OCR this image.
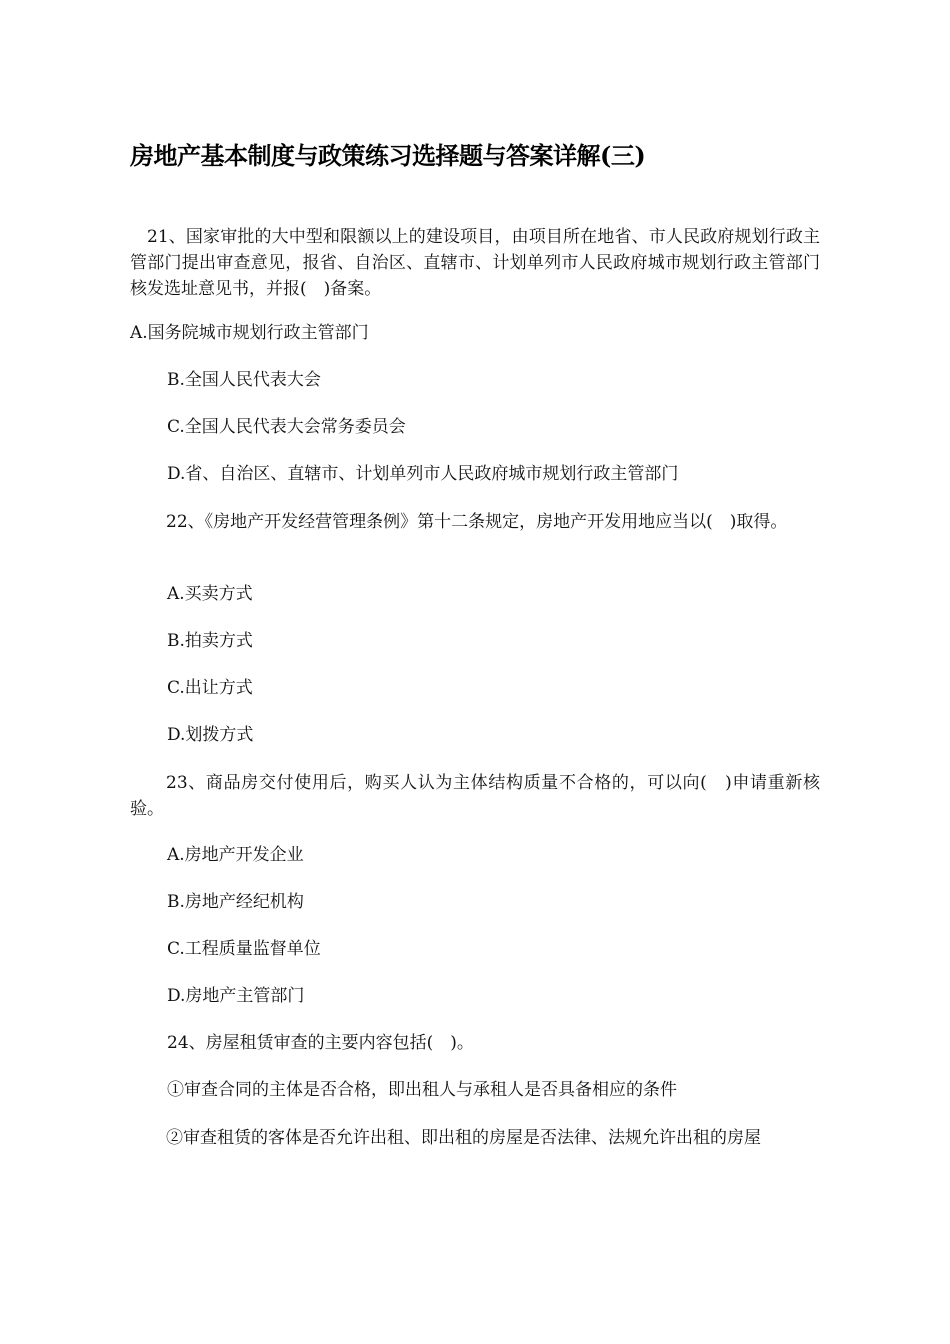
房地产基本制度与政策练习选择题与答案详解(三)
21、国家审批的大中型和限额以上的建设项目，由项目所在地省、市人民政府规划行政主管部门提出审查意见，报省、自治区、直辖市、计划单列市人民政府城市规划行政主管部门核发选址意见书，并报(　)备案。
A.国务院城市规划行政主管部门
B.全国人民代表大会
C.全国人民代表大会常务委员会
D.省、自治区、直辖市、计划单列市人民政府城市规划行政主管部门
22、《房地产开发经营管理条例》第十二条规定，房地产开发用地应当以(　)取得。
A.买卖方式
B.拍卖方式
C.出让方式
D.划拨方式
23、商品房交付使用后，购买人认为主体结构质量不合格的，可以向(　)申请重新核验。
A.房地产开发企业
B.房地产经纪机构
C.工程质量监督单位
D.房地产主管部门
24、房屋租赁审查的主要内容包括(　)。
①审查合同的主体是否合格，即出租人与承租人是否具备相应的条件
②审查租赁的客体是否允许出租、即出租的房屋是否法律、法规允许出租的房屋
